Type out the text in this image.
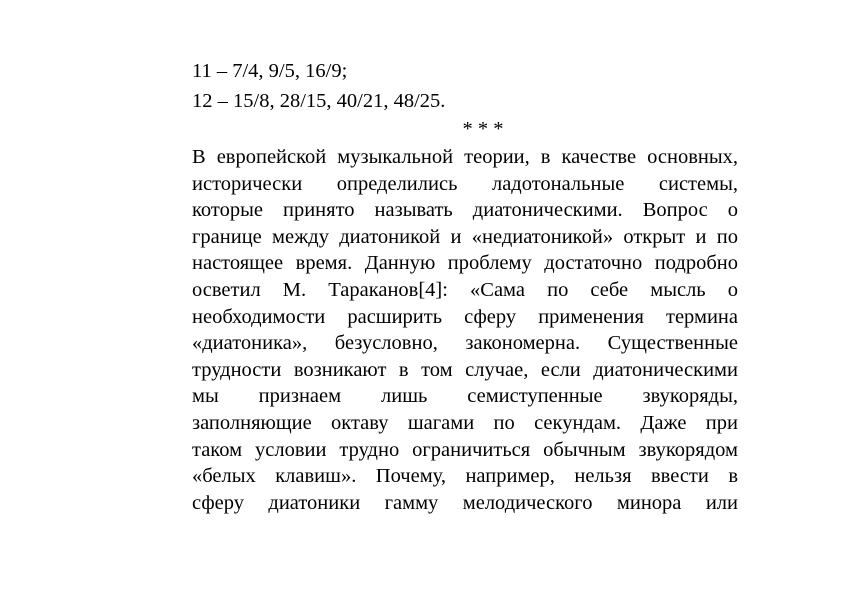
11 – 7/4, 9/5, 16/9;
12 – 15/8, 28/15, 40/21, 48/25.
* * *
В европейской музыкальной теории, в качестве основных,
исторически определились ладотональные системы,
которые принято называть диатоническими. Вопрос о
границе между диатоникой и «недиатоникой» открыт и по
настоящее время. Данную проблему достаточно подробно
осветил М. Тараканов[4]: «Сама по себе мысль о
необходимости расширить сферу применения термина
«диатоника», безусловно, закономерна. Существенные
трудности возникают в том случае, если диатоническими
мы признаем лишь семиступенные звукоряды,
заполняющие октаву шагами по секундам. Даже при
таком условии трудно ограничиться обычным звукорядом
«белых клавиш». Почему, например, нельзя ввести в
сферу диатоники гамму мелодического минора или
